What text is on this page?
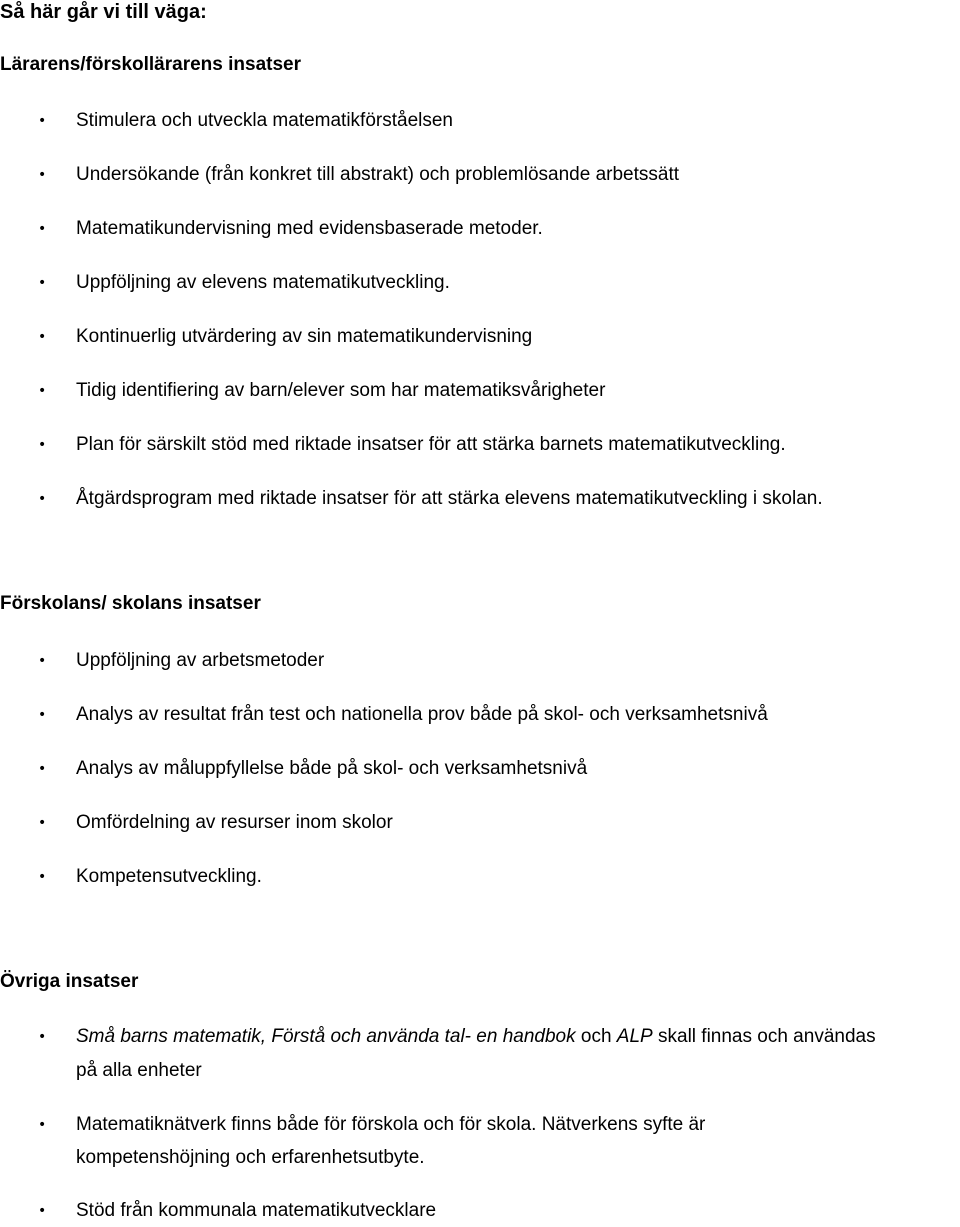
Så här går vi till väga:
Lärarens/förskollärarens insatser
• Stimulera och utveckla matematikförståelsen
• Undersökande (från konkret till abstrakt) och problemlösande arbetssätt
• Matematikundervisning med evidensbaserade metoder.
• Uppföljning av elevens matematikutveckling.
• Kontinuerlig utvärdering av sin matematikundervisning
• Tidig identifiering av barn/elever som har matematiksvårigheter
• Plan för särskilt stöd med riktade insatser för att stärka barnets matematikutveckling.
• Åtgärdsprogram med riktade insatser för att stärka elevens matematikutveckling i skolan.
Förskolans/ skolans insatser
• Uppföljning av arbetsmetoder
• Analys av resultat från test och nationella prov både på skol- och verksamhetsnivå
• Analys av måluppfyllelse både på skol- och verksamhetsnivå
• Omfördelning av resurser inom skolor
• Kompetensutveckling.
Övriga insatser
• Små barns matematik, Förstå och använda tal- en handbok och ALP skall finnas och användas
på alla enheter
• Matematiknätverk finns både för förskola och för skola. Nätverkens syfte är
kompetenshöjning och erfarenhetsutbyte.
• Stöd från kommunala matematikutvecklare
